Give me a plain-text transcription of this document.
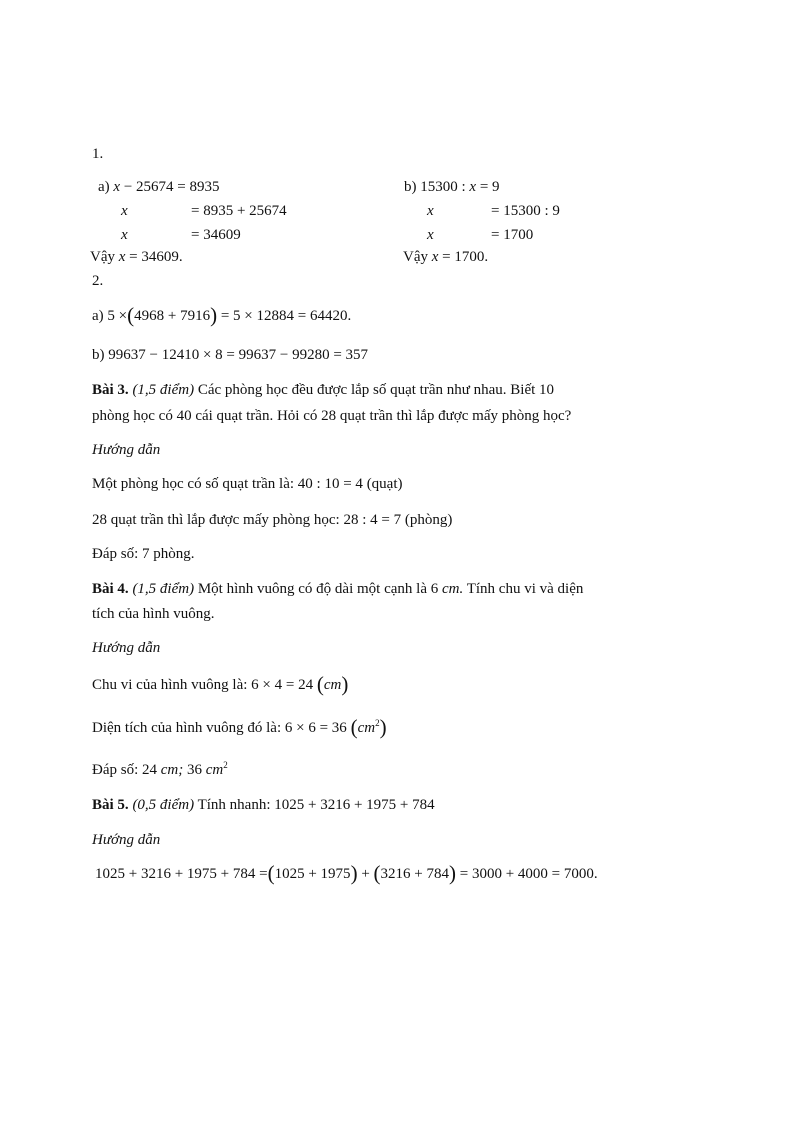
1.
a) x − 25674 = 8935
x	= 8935 + 25674
x	= 34609
Vậy x = 34609.
b) 15300 : x = 9
x	= 15300 : 9
x	= 1700
Vậy x = 1700.
2.
a) 5 ×(4968 + 7916) = 5 × 12884 = 64420.
b) 99637 − 12410 × 8 = 99637 − 99280 = 357
Bài 3. (1,5 điểm) Các phòng học đều được lắp số quạt trần như nhau. Biết 10
phòng học có 40 cái quạt trần. Hỏi có 28 quạt trần thì lắp được mấy phòng học?
Hướng dẫn
Một phòng học có số quạt trần là: 40 : 10 = 4 (quạt)
28 quạt trần thì lắp được mấy phòng học: 28 : 4 = 7 (phòng)
Đáp số: 7 phòng.
Bài 4. (1,5 điểm) Một hình vuông có độ dài một cạnh là 6 cm. Tính chu vi và diện
tích của hình vuông.
Hướng dẫn
Chu vi của hình vuông là: 6 × 4 = 24 (cm)
Diện tích của hình vuông đó là: 6 × 6 = 36 $(cm^2)$
Đáp số: 24 cm; 36 $cm^2$
Bài 5. (0,5 điểm) Tính nhanh: 1025 + 3216 + 1975 + 784
Hướng dẫn
1025 + 3216 + 1975 + 784 =(1025 + 1975) + (3216 + 784) = 3000 + 4000 = 7000.
